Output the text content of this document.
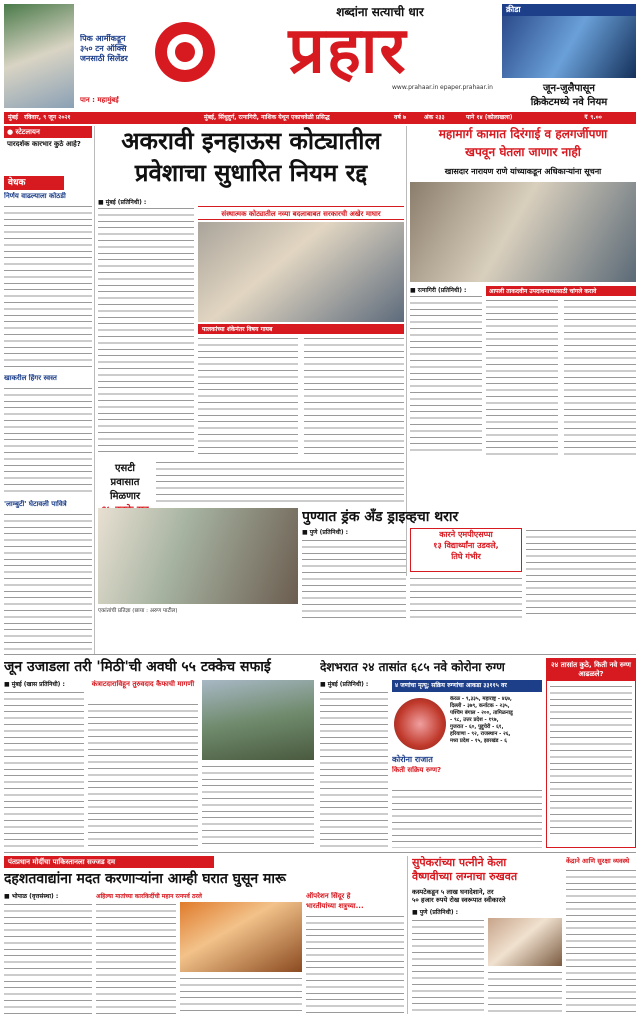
पिक आर्मीकडून
३५० टन ऑक्सि
जनसाठी सिलेंडर
पान : महामुंबई
शब्दांना सत्याची धार
प्रहार
www.prahaar.in epaper.prahaar.in
क्रीडा
जून-जुलैपासून
क्रिकेटमध्ये नवे नियम
मुंबई रविवार, ९ जून २०२१	मुंबई, सिंधुदुर्ग, रत्नागिरी, नाशिक येथून एकाचवेळी प्रसिद्ध	वर्ष ७	अंक २३३	पाने १४ (कोलाखला)	₹ ९.००
● स्टेटलायन
पारदर्शक कारभार कुठे आहे?
वेधक
निर्णय वाढल्याला कोठडी
खाकरील हिंगर स्वस्त
'लाम्बुटी' घेटावली पावित्रे
अकरावी इनहाऊस कोट्यातील
प्रवेशाचा सुधारित नियम रद्द
■ मुंबई (प्रतिनिधी) :
संस्थात्मक कोट्यातील नव्या बदलाबाबत सरकारची अखेर माघार
पालकांच्या शंकेनंतर विषय गायब
महामार्ग कामात दिरंगाई व हलगर्जीपणा
खपवून घेतला जाणार नाही
खासदार नारायण राणे यांच्याकडून अधिकाऱ्यांना सूचना
■ रत्नागिरी (प्रतिनिधी) :	आपली ताकदवीन उपदाधनाच्यासाठी चांगले करावे
एसटी
प्रवासात
मिळणार
एकांतांची प्रतिज्ञा (छाया : अरुण पाटील)
पुण्यात ड्रंक अँड ड्राइव्हचा थरार
■ पुणे (प्रतिनिधी) :	कारने एमपीएसप्पा
१३ विद्यार्थ्यांना उडवले,
तिघे गंभीर
जून उजाडला तरी 'मिठी'ची अवघी ५५ टक्केच सफाई
■ मुंबई (खास प्रतिनिधी) :	कंत्राटदाराविहून तुरुवदाद कैफाची मागणी
देशभरात २४ तासांत ६८५ नवे कोरोना रुग्ण
■ मुंबई (प्रतिनिधी) :	४ जणांचा मृत्यू; सक्रिय रुग्णांचा आकडा ३३११५ वर
केरळ - ९,३३५, महाराष्ट्र - ४६७,
दिल्ली - ३७९, कर्नाटक - २३५,
पश्चिम बंगाल - २००, तामिळनाडू
- ९८, उत्तर प्रदेश - १९७,
गुजरात - ६०, पुद्दुचेरी - ६१,
हरियाणा - ९२, राजस्थान - २६,
मध्य प्रदेश - १५, झारखंड - ६
कोरोना राजात
किती सक्रिय रुग्ण?
२४ तासांत कुठे, किती नवे रुग्ण आढळले?
पंतप्रधान मोदींचा पाकिस्तानला सज्जड दम
दहशतवाद्यांना मदत करणाऱ्यांना आम्ही घरात घुसून मारू
■ भोपाळ (वृत्तसंस्था) :	अहिल्या मातांच्या कारकिर्दीची महान रत्नपर्व ठरले	ऑपरेशन सिंदूर हे
भारतीयांच्या शत्रुच्या...
सुपेकरांच्या पत्नीने केला
वैष्णवीच्या लग्नाचा रुखवत
कस्पटेकडून ५ लाख घनादेशाने, तर
५० हजार रुपये रोख स्वरूपात स्वीकारले
■ पुणे (प्रतिनिधी) :
केंद्राने आणि सुरक्षा व्यवस्थे
